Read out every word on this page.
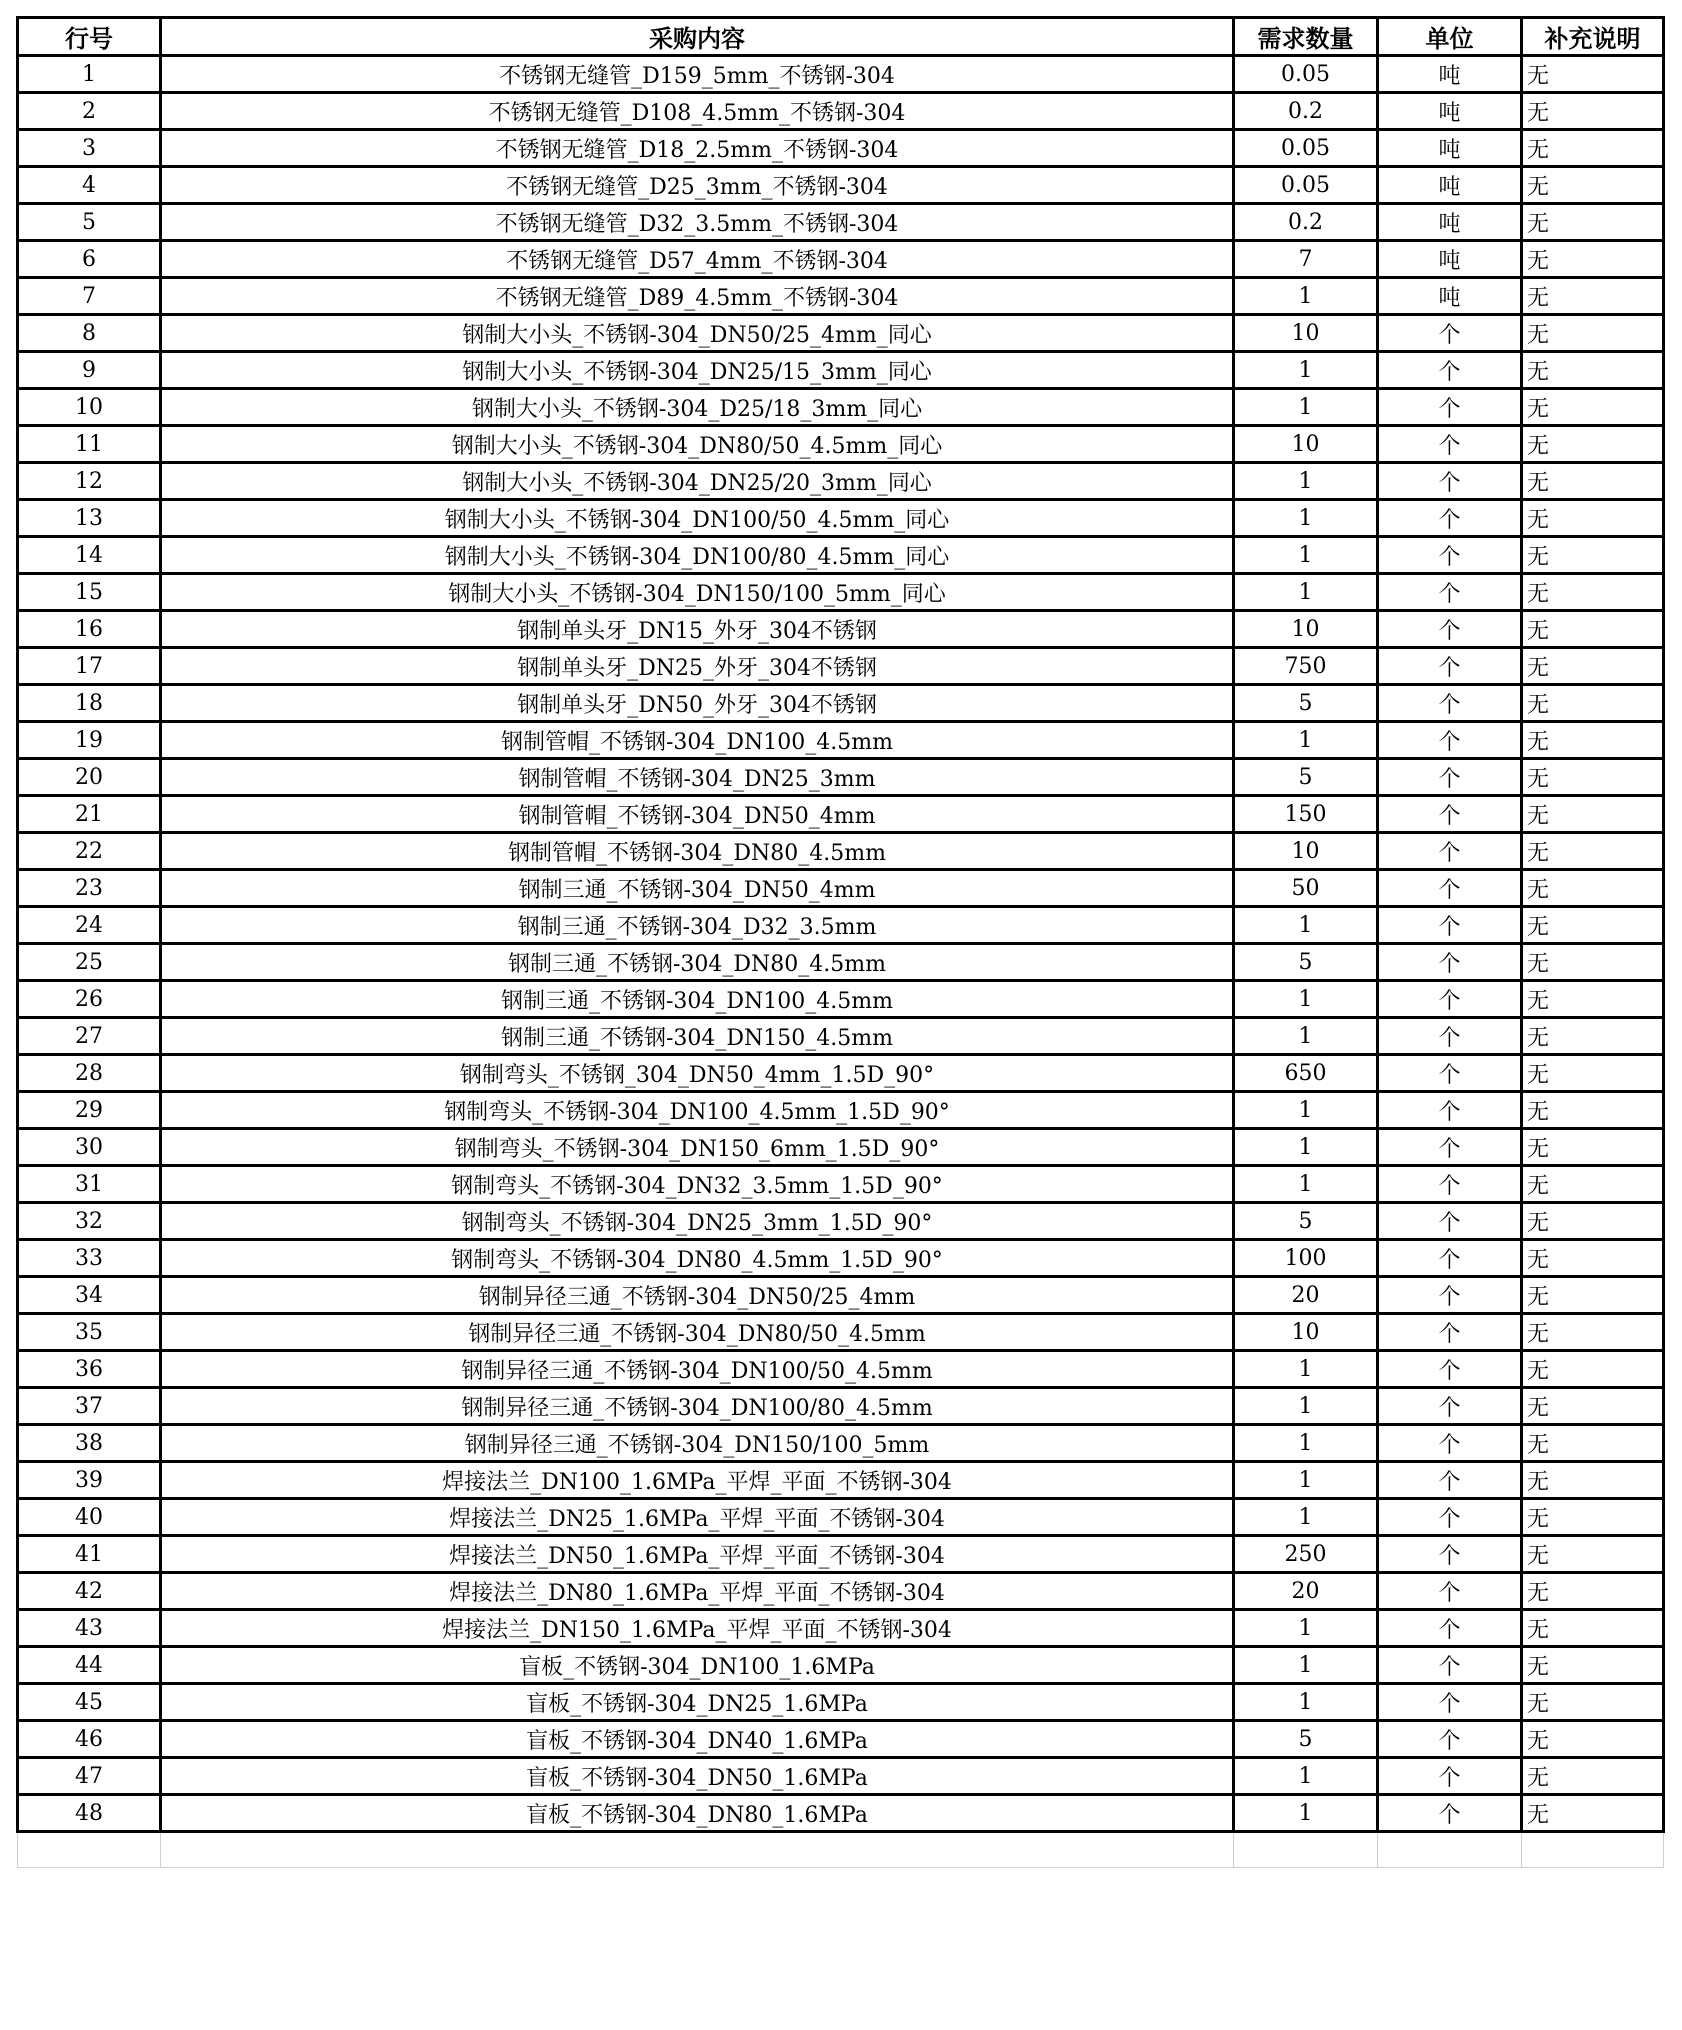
行号	采购内容	需求数量	单位	补充说明
1	不锈钢无缝管_D159_5mm_不锈钢-304	0.05	吨	无
2	不锈钢无缝管_D108_4.5mm_不锈钢-304	0.2	吨	无
3	不锈钢无缝管_D18_2.5mm_不锈钢-304	0.05	吨	无
4	不锈钢无缝管_D25_3mm_不锈钢-304	0.05	吨	无
5	不锈钢无缝管_D32_3.5mm_不锈钢-304	0.2	吨	无
6	不锈钢无缝管_D57_4mm_不锈钢-304	7	吨	无
7	不锈钢无缝管_D89_4.5mm_不锈钢-304	1	吨	无
8	钢制大小头_不锈钢-304_DN50/25_4mm_同心	10	个	无
9	钢制大小头_不锈钢-304_DN25/15_3mm_同心	1	个	无
10	钢制大小头_不锈钢-304_D25/18_3mm_同心	1	个	无
11	钢制大小头_不锈钢-304_DN80/50_4.5mm_同心	10	个	无
12	钢制大小头_不锈钢-304_DN25/20_3mm_同心	1	个	无
13	钢制大小头_不锈钢-304_DN100/50_4.5mm_同心	1	个	无
14	钢制大小头_不锈钢-304_DN100/80_4.5mm_同心	1	个	无
15	钢制大小头_不锈钢-304_DN150/100_5mm_同心	1	个	无
16	钢制单头牙_DN15_外牙_304不锈钢	10	个	无
17	钢制单头牙_DN25_外牙_304不锈钢	750	个	无
18	钢制单头牙_DN50_外牙_304不锈钢	5	个	无
19	钢制管帽_不锈钢-304_DN100_4.5mm	1	个	无
20	钢制管帽_不锈钢-304_DN25_3mm	5	个	无
21	钢制管帽_不锈钢-304_DN50_4mm	150	个	无
22	钢制管帽_不锈钢-304_DN80_4.5mm	10	个	无
23	钢制三通_不锈钢-304_DN50_4mm	50	个	无
24	钢制三通_不锈钢-304_D32_3.5mm	1	个	无
25	钢制三通_不锈钢-304_DN80_4.5mm	5	个	无
26	钢制三通_不锈钢-304_DN100_4.5mm	1	个	无
27	钢制三通_不锈钢-304_DN150_4.5mm	1	个	无
28	钢制弯头_不锈钢_304_DN50_4mm_1.5D_90°	650	个	无
29	钢制弯头_不锈钢-304_DN100_4.5mm_1.5D_90°	1	个	无
30	钢制弯头_不锈钢-304_DN150_6mm_1.5D_90°	1	个	无
31	钢制弯头_不锈钢-304_DN32_3.5mm_1.5D_90°	1	个	无
32	钢制弯头_不锈钢-304_DN25_3mm_1.5D_90°	5	个	无
33	钢制弯头_不锈钢-304_DN80_4.5mm_1.5D_90°	100	个	无
34	钢制异径三通_不锈钢-304_DN50/25_4mm	20	个	无
35	钢制异径三通_不锈钢-304_DN80/50_4.5mm	10	个	无
36	钢制异径三通_不锈钢-304_DN100/50_4.5mm	1	个	无
37	钢制异径三通_不锈钢-304_DN100/80_4.5mm	1	个	无
38	钢制异径三通_不锈钢-304_DN150/100_5mm	1	个	无
39	焊接法兰_DN100_1.6MPa_平焊_平面_不锈钢-304	1	个	无
40	焊接法兰_DN25_1.6MPa_平焊_平面_不锈钢-304	1	个	无
41	焊接法兰_DN50_1.6MPa_平焊_平面_不锈钢-304	250	个	无
42	焊接法兰_DN80_1.6MPa_平焊_平面_不锈钢-304	20	个	无
43	焊接法兰_DN150_1.6MPa_平焊_平面_不锈钢-304	1	个	无
44	盲板_不锈钢-304_DN100_1.6MPa	1	个	无
45	盲板_不锈钢-304_DN25_1.6MPa	1	个	无
46	盲板_不锈钢-304_DN40_1.6MPa	5	个	无
47	盲板_不锈钢-304_DN50_1.6MPa	1	个	无
48	盲板_不锈钢-304_DN80_1.6MPa	1	个	无
